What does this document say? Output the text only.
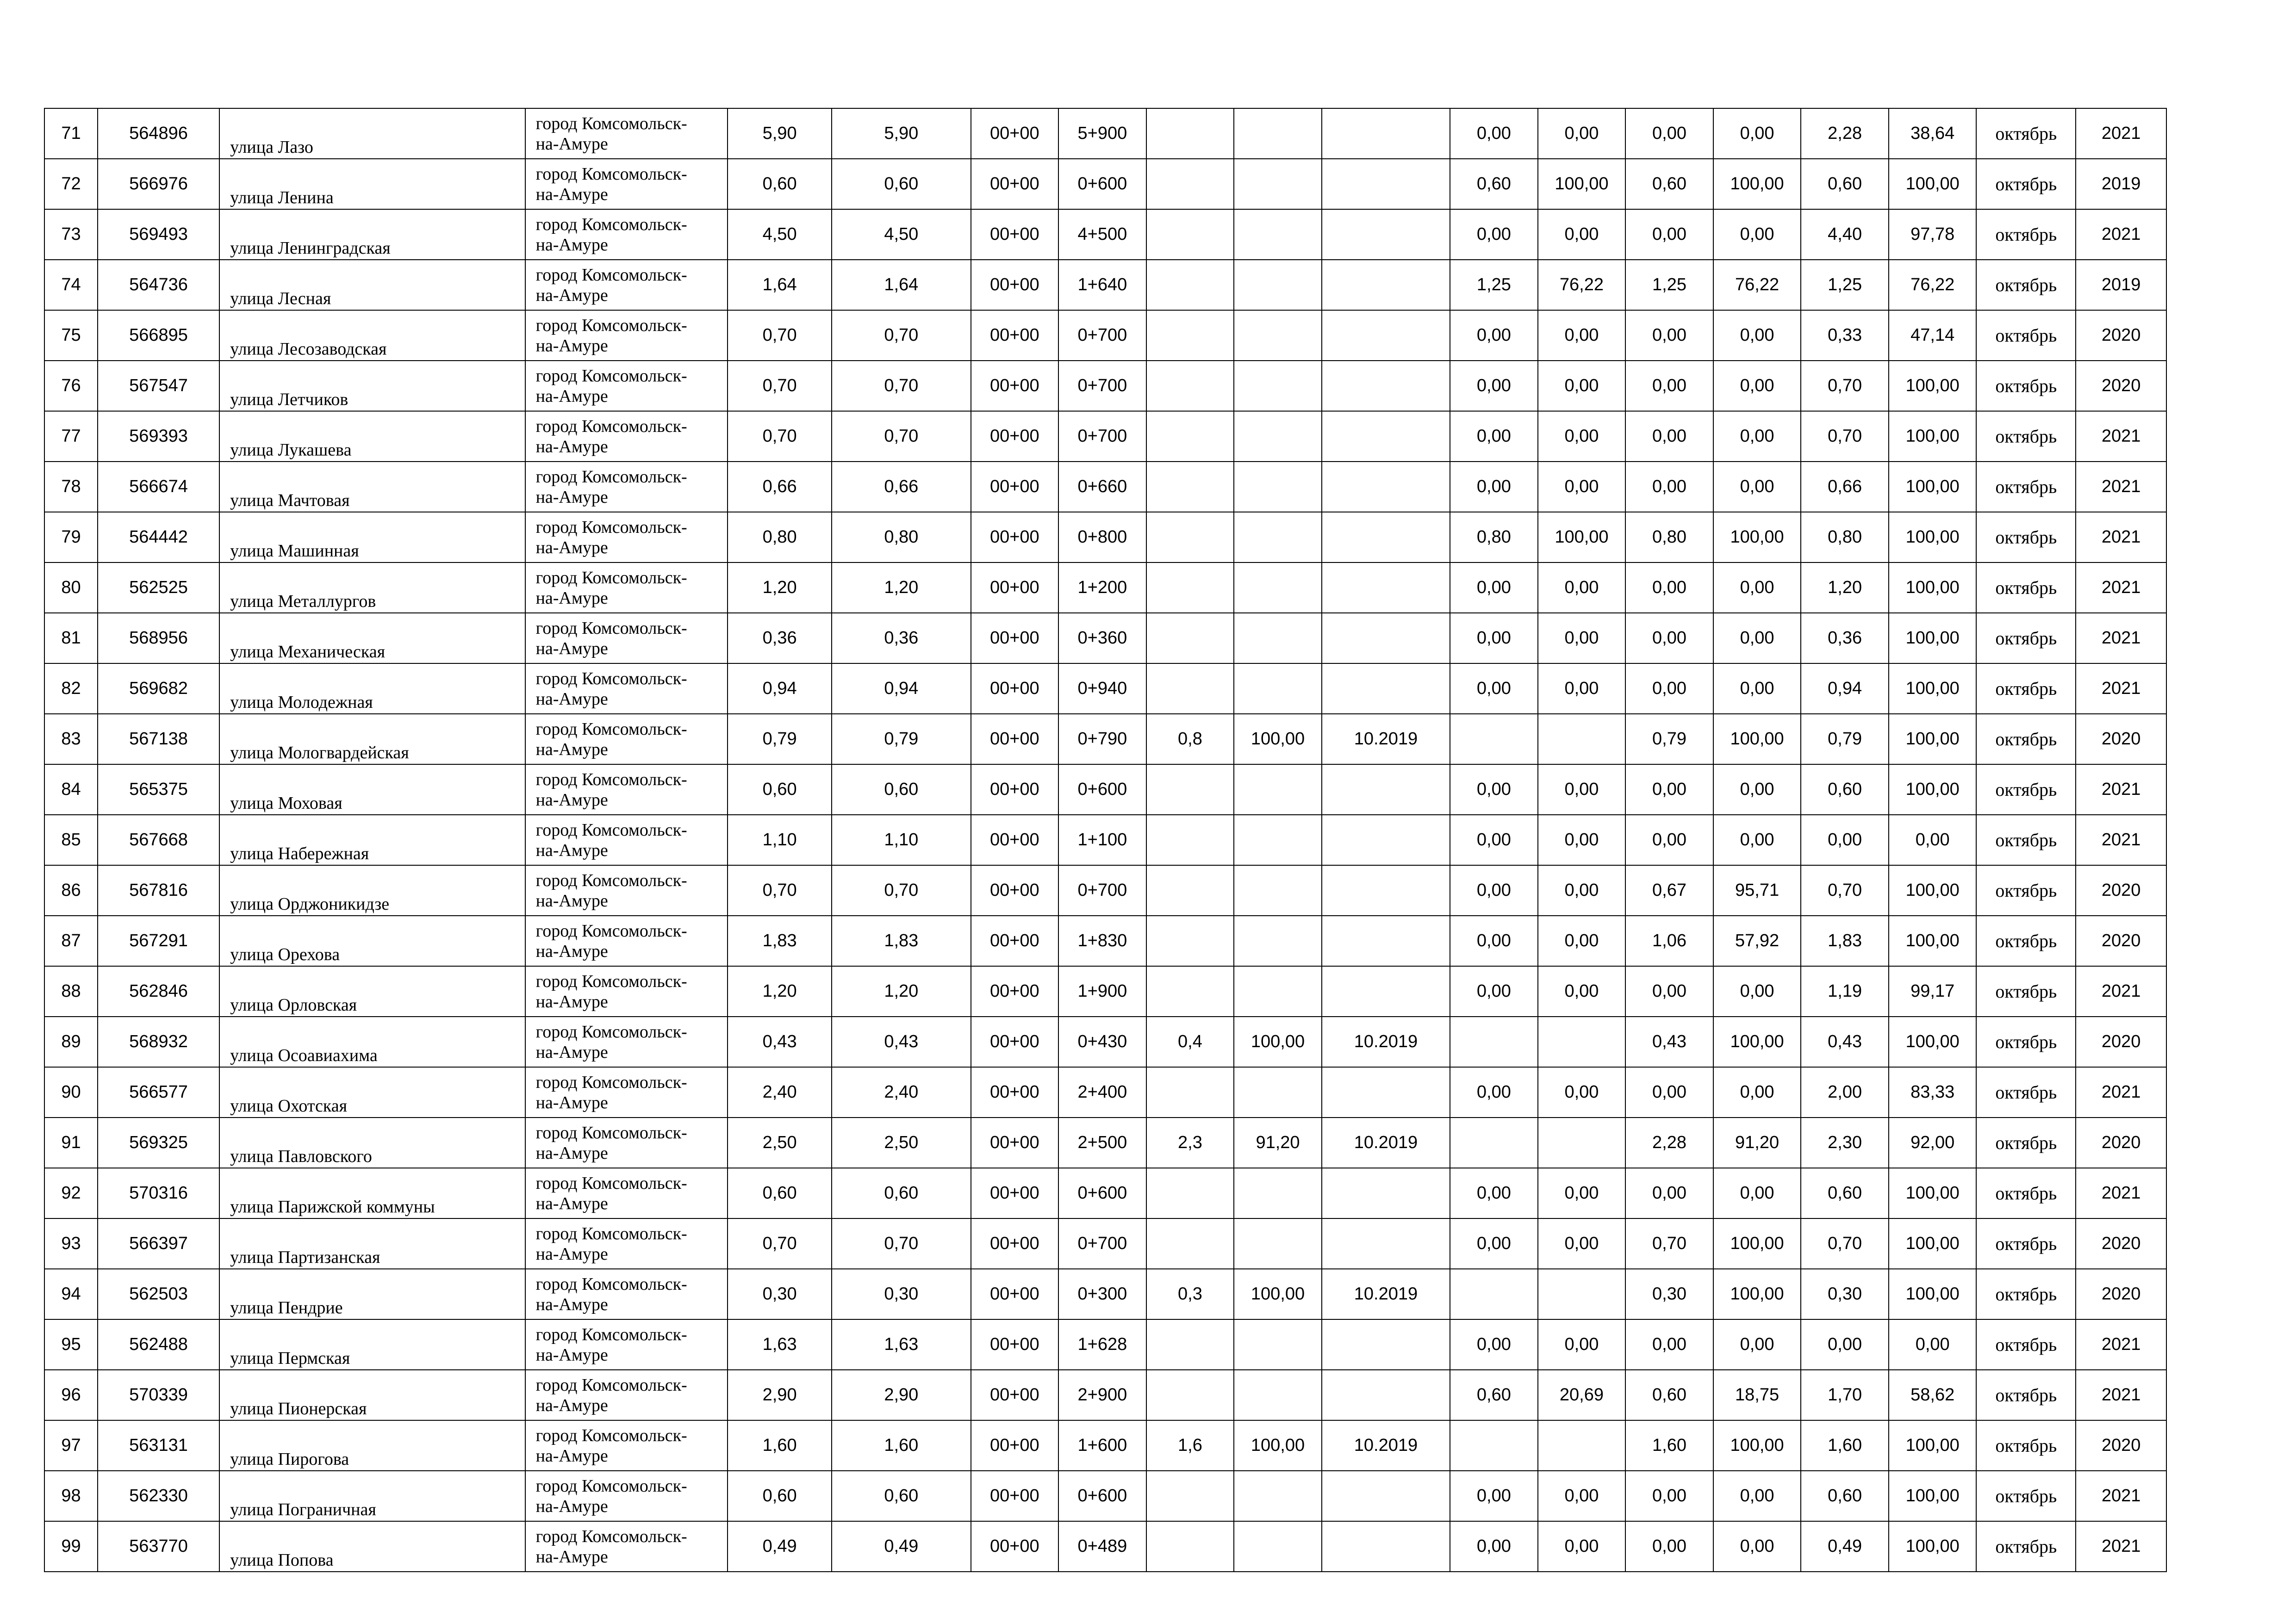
71	564896	улица Лазо	город Комсомольск-
на-Амуре	5,90	5,90	00+00	5+900				0,00	0,00	0,00	0,00	2,28	38,64	октябрь	2021
72	566976	улица Ленина	город Комсомольск-
на-Амуре	0,60	0,60	00+00	0+600				0,60	100,00	0,60	100,00	0,60	100,00	октябрь	2019
73	569493	улица Ленинградская	город Комсомольск-
на-Амуре	4,50	4,50	00+00	4+500				0,00	0,00	0,00	0,00	4,40	97,78	октябрь	2021
74	564736	улица Лесная	город Комсомольск-
на-Амуре	1,64	1,64	00+00	1+640				1,25	76,22	1,25	76,22	1,25	76,22	октябрь	2019
75	566895	улица Лесозаводская	город Комсомольск-
на-Амуре	0,70	0,70	00+00	0+700				0,00	0,00	0,00	0,00	0,33	47,14	октябрь	2020
76	567547	улица Летчиков	город Комсомольск-
на-Амуре	0,70	0,70	00+00	0+700				0,00	0,00	0,00	0,00	0,70	100,00	октябрь	2020
77	569393	улица Лукашева	город Комсомольск-
на-Амуре	0,70	0,70	00+00	0+700				0,00	0,00	0,00	0,00	0,70	100,00	октябрь	2021
78	566674	улица Мачтовая	город Комсомольск-
на-Амуре	0,66	0,66	00+00	0+660				0,00	0,00	0,00	0,00	0,66	100,00	октябрь	2021
79	564442	улица Машинная	город Комсомольск-
на-Амуре	0,80	0,80	00+00	0+800				0,80	100,00	0,80	100,00	0,80	100,00	октябрь	2021
80	562525	улица Металлургов	город Комсомольск-
на-Амуре	1,20	1,20	00+00	1+200				0,00	0,00	0,00	0,00	1,20	100,00	октябрь	2021
81	568956	улица Механическая	город Комсомольск-
на-Амуре	0,36	0,36	00+00	0+360				0,00	0,00	0,00	0,00	0,36	100,00	октябрь	2021
82	569682	улица Молодежная	город Комсомольск-
на-Амуре	0,94	0,94	00+00	0+940				0,00	0,00	0,00	0,00	0,94	100,00	октябрь	2021
83	567138	улица Мологвардейская	город Комсомольск-
на-Амуре	0,79	0,79	00+00	0+790	0,8	100,00	10.2019			0,79	100,00	0,79	100,00	октябрь	2020
84	565375	улица Моховая	город Комсомольск-
на-Амуре	0,60	0,60	00+00	0+600				0,00	0,00	0,00	0,00	0,60	100,00	октябрь	2021
85	567668	улица Набережная	город Комсомольск-
на-Амуре	1,10	1,10	00+00	1+100				0,00	0,00	0,00	0,00	0,00	0,00	октябрь	2021
86	567816	улица Орджоникидзе	город Комсомольск-
на-Амуре	0,70	0,70	00+00	0+700				0,00	0,00	0,67	95,71	0,70	100,00	октябрь	2020
87	567291	улица Орехова	город Комсомольск-
на-Амуре	1,83	1,83	00+00	1+830				0,00	0,00	1,06	57,92	1,83	100,00	октябрь	2020
88	562846	улица Орловская	город Комсомольск-
на-Амуре	1,20	1,20	00+00	1+900				0,00	0,00	0,00	0,00	1,19	99,17	октябрь	2021
89	568932	улица Осоавиахима	город Комсомольск-
на-Амуре	0,43	0,43	00+00	0+430	0,4	100,00	10.2019			0,43	100,00	0,43	100,00	октябрь	2020
90	566577	улица Охотская	город Комсомольск-
на-Амуре	2,40	2,40	00+00	2+400				0,00	0,00	0,00	0,00	2,00	83,33	октябрь	2021
91	569325	улица Павловского	город Комсомольск-
на-Амуре	2,50	2,50	00+00	2+500	2,3	91,20	10.2019			2,28	91,20	2,30	92,00	октябрь	2020
92	570316	улица Парижской коммуны	город Комсомольск-
на-Амуре	0,60	0,60	00+00	0+600				0,00	0,00	0,00	0,00	0,60	100,00	октябрь	2021
93	566397	улица Партизанская	город Комсомольск-
на-Амуре	0,70	0,70	00+00	0+700				0,00	0,00	0,70	100,00	0,70	100,00	октябрь	2020
94	562503	улица Пендрие	город Комсомольск-
на-Амуре	0,30	0,30	00+00	0+300	0,3	100,00	10.2019			0,30	100,00	0,30	100,00	октябрь	2020
95	562488	улица Пермская	город Комсомольск-
на-Амуре	1,63	1,63	00+00	1+628				0,00	0,00	0,00	0,00	0,00	0,00	октябрь	2021
96	570339	улица Пионерская	город Комсомольск-
на-Амуре	2,90	2,90	00+00	2+900				0,60	20,69	0,60	18,75	1,70	58,62	октябрь	2021
97	563131	улица Пирогова	город Комсомольск-
на-Амуре	1,60	1,60	00+00	1+600	1,6	100,00	10.2019			1,60	100,00	1,60	100,00	октябрь	2020
98	562330	улица Пограничная	город Комсомольск-
на-Амуре	0,60	0,60	00+00	0+600				0,00	0,00	0,00	0,00	0,60	100,00	октябрь	2021
99	563770	улица Попова	город Комсомольск-
на-Амуре	0,49	0,49	00+00	0+489				0,00	0,00	0,00	0,00	0,49	100,00	октябрь	2021
